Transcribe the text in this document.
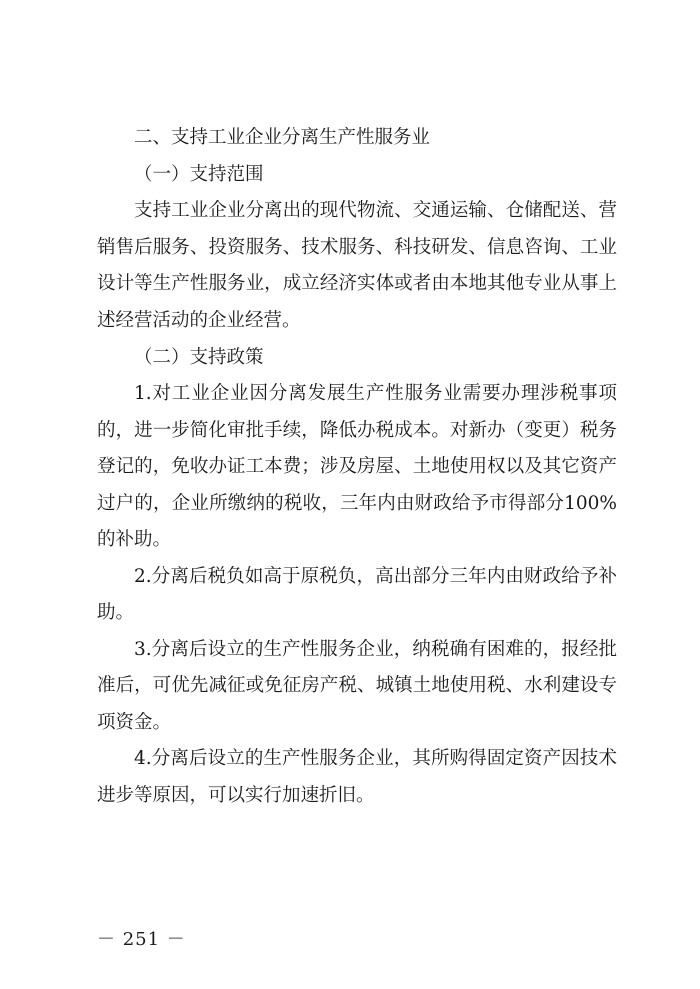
二、支持工业企业分离生产性服务业

（一）支持范围

支持工业企业分离出的现代物流、交通运输、仓储配送、营销售后服务、投资服务、技术服务、科技研发、信息咨询、工业设计等生产性服务业，成立经济实体或者由本地其他专业从事上述经营活动的企业经营。

（二）支持政策

1.对工业企业因分离发展生产性服务业需要办理涉税事项的，进一步简化审批手续，降低办税成本。对新办（变更）税务登记的，免收办证工本费；涉及房屋、土地使用权以及其它资产过户的，企业所缴纳的税收，三年内由财政给予市得部分100%的补助。

2.分离后税负如高于原税负，高出部分三年内由财政给予补助。

3.分离后设立的生产性服务企业，纳税确有困难的，报经批准后，可优先减征或免征房产税、城镇土地使用税、水利建设专项资金。

4.分离后设立的生产性服务企业，其所购得固定资产因技术进步等原因，可以实行加速折旧。

－ 251 －
